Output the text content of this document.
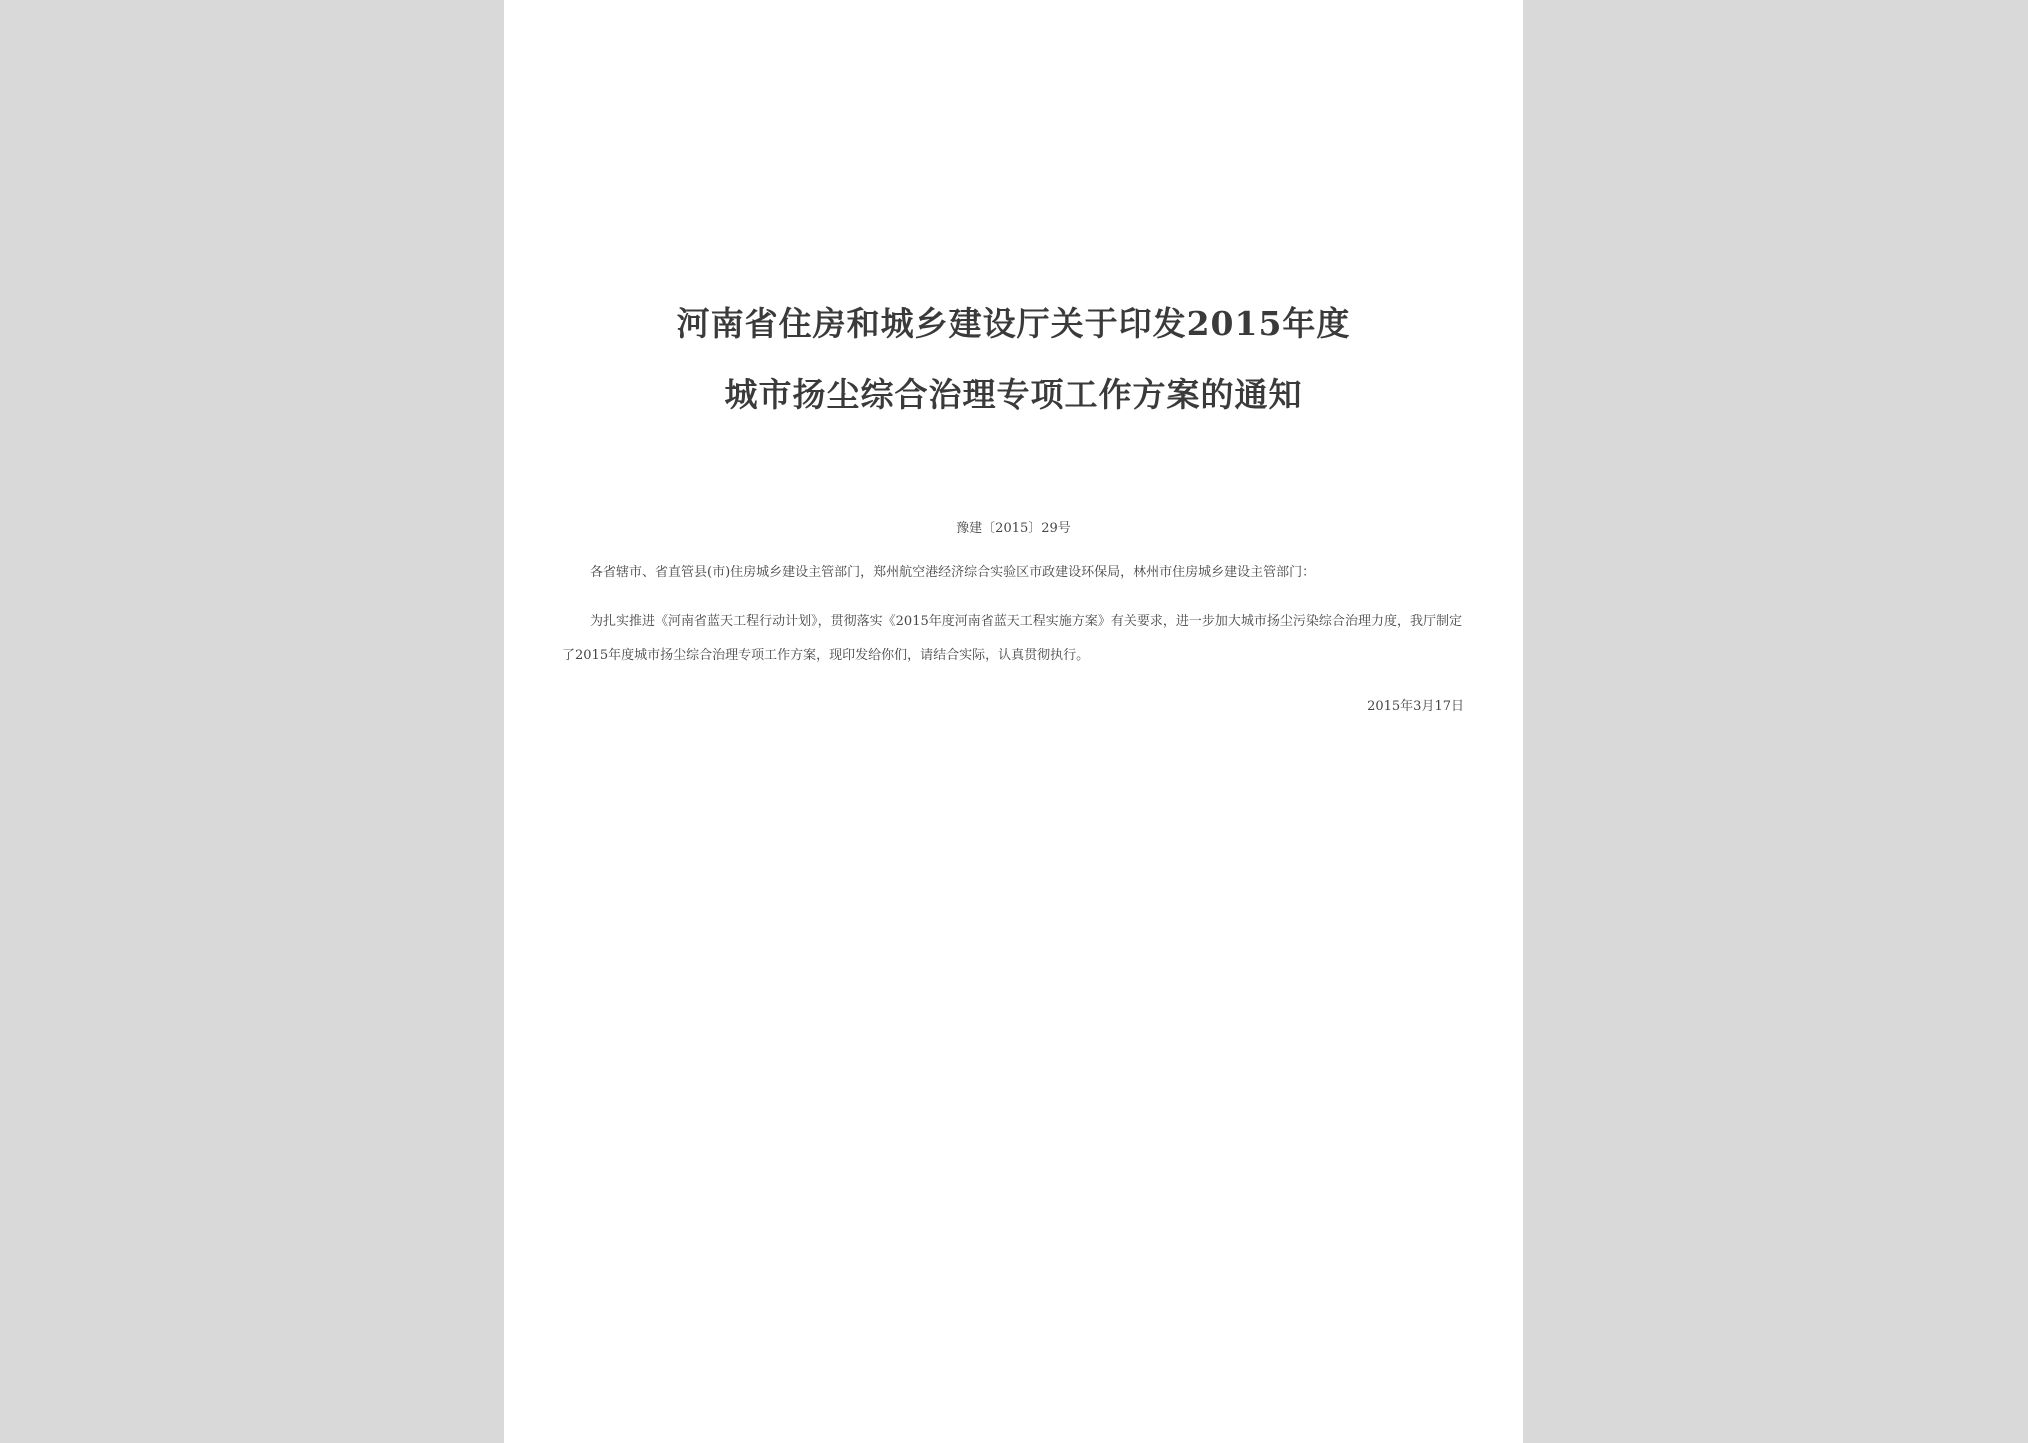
河南省住房和城乡建设厅关于印发2015年度
城市扬尘综合治理专项工作方案的通知
豫建〔2015〕29号

各省辖市、省直管县(市)住房城乡建设主管部门，郑州航空港经济综合实验区市政建设环保局，林州市住房城乡建设主管部门：

为扎实推进《河南省蓝天工程行动计划》，贯彻落实《2015年度河南省蓝天工程实施方案》有关要求，进一步加大城市扬尘污染综合治理力度，我厅制定了2015年度城市扬尘综合治理专项工作方案，现印发给你们，请结合实际，认真贯彻执行。

2015年3月17日
